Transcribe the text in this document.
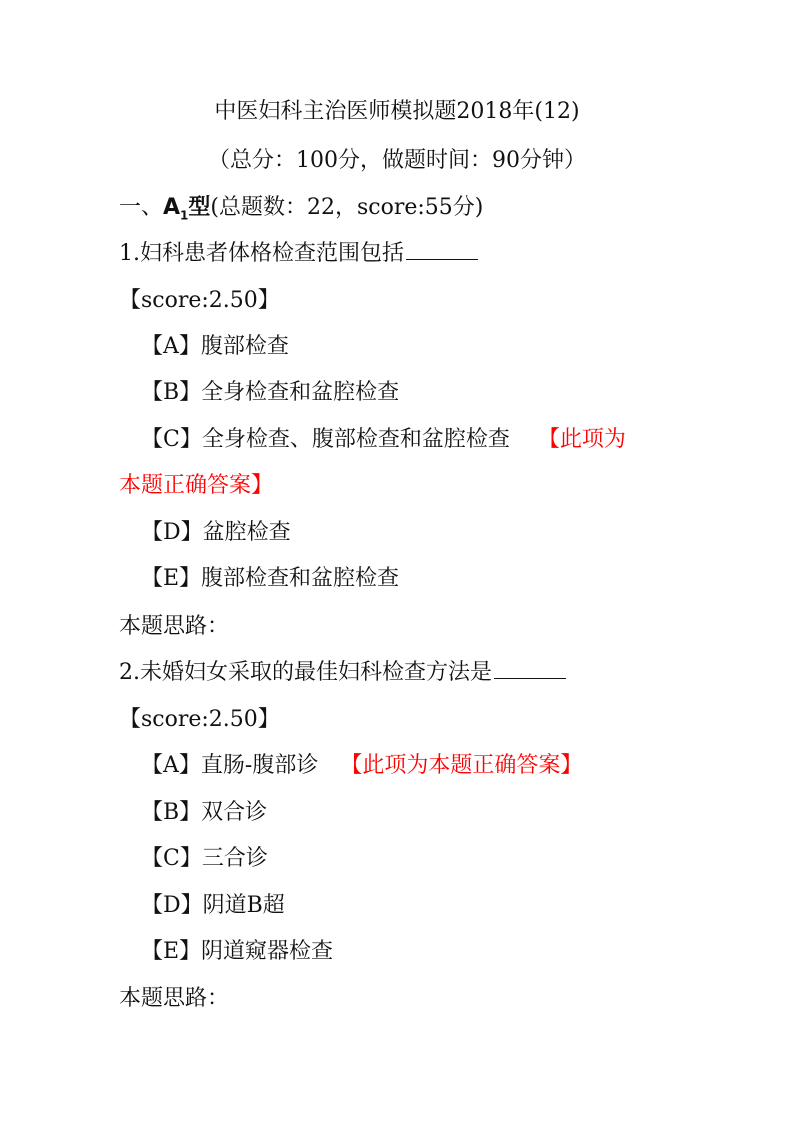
中医妇科主治医师模拟题2018年(12)
（总分：100分，做题时间：90分钟）
一、$A_1$型(总题数：22，score:55分)
1.妇科患者体格检查范围包括
【score:2.50】
【A】腹部检查
【B】全身检查和盆腔检查
【C】全身检查、腹部检查和盆腔检查 【此项为
本题正确答案】
【D】盆腔检查
【E】腹部检查和盆腔检查
本题思路：
2.未婚妇女采取的最佳妇科检查方法是
【score:2.50】
【A】直肠-腹部诊 【此项为本题正确答案】
【B】双合诊
【C】三合诊
【D】阴道B超
【E】阴道窥器检查
本题思路：
